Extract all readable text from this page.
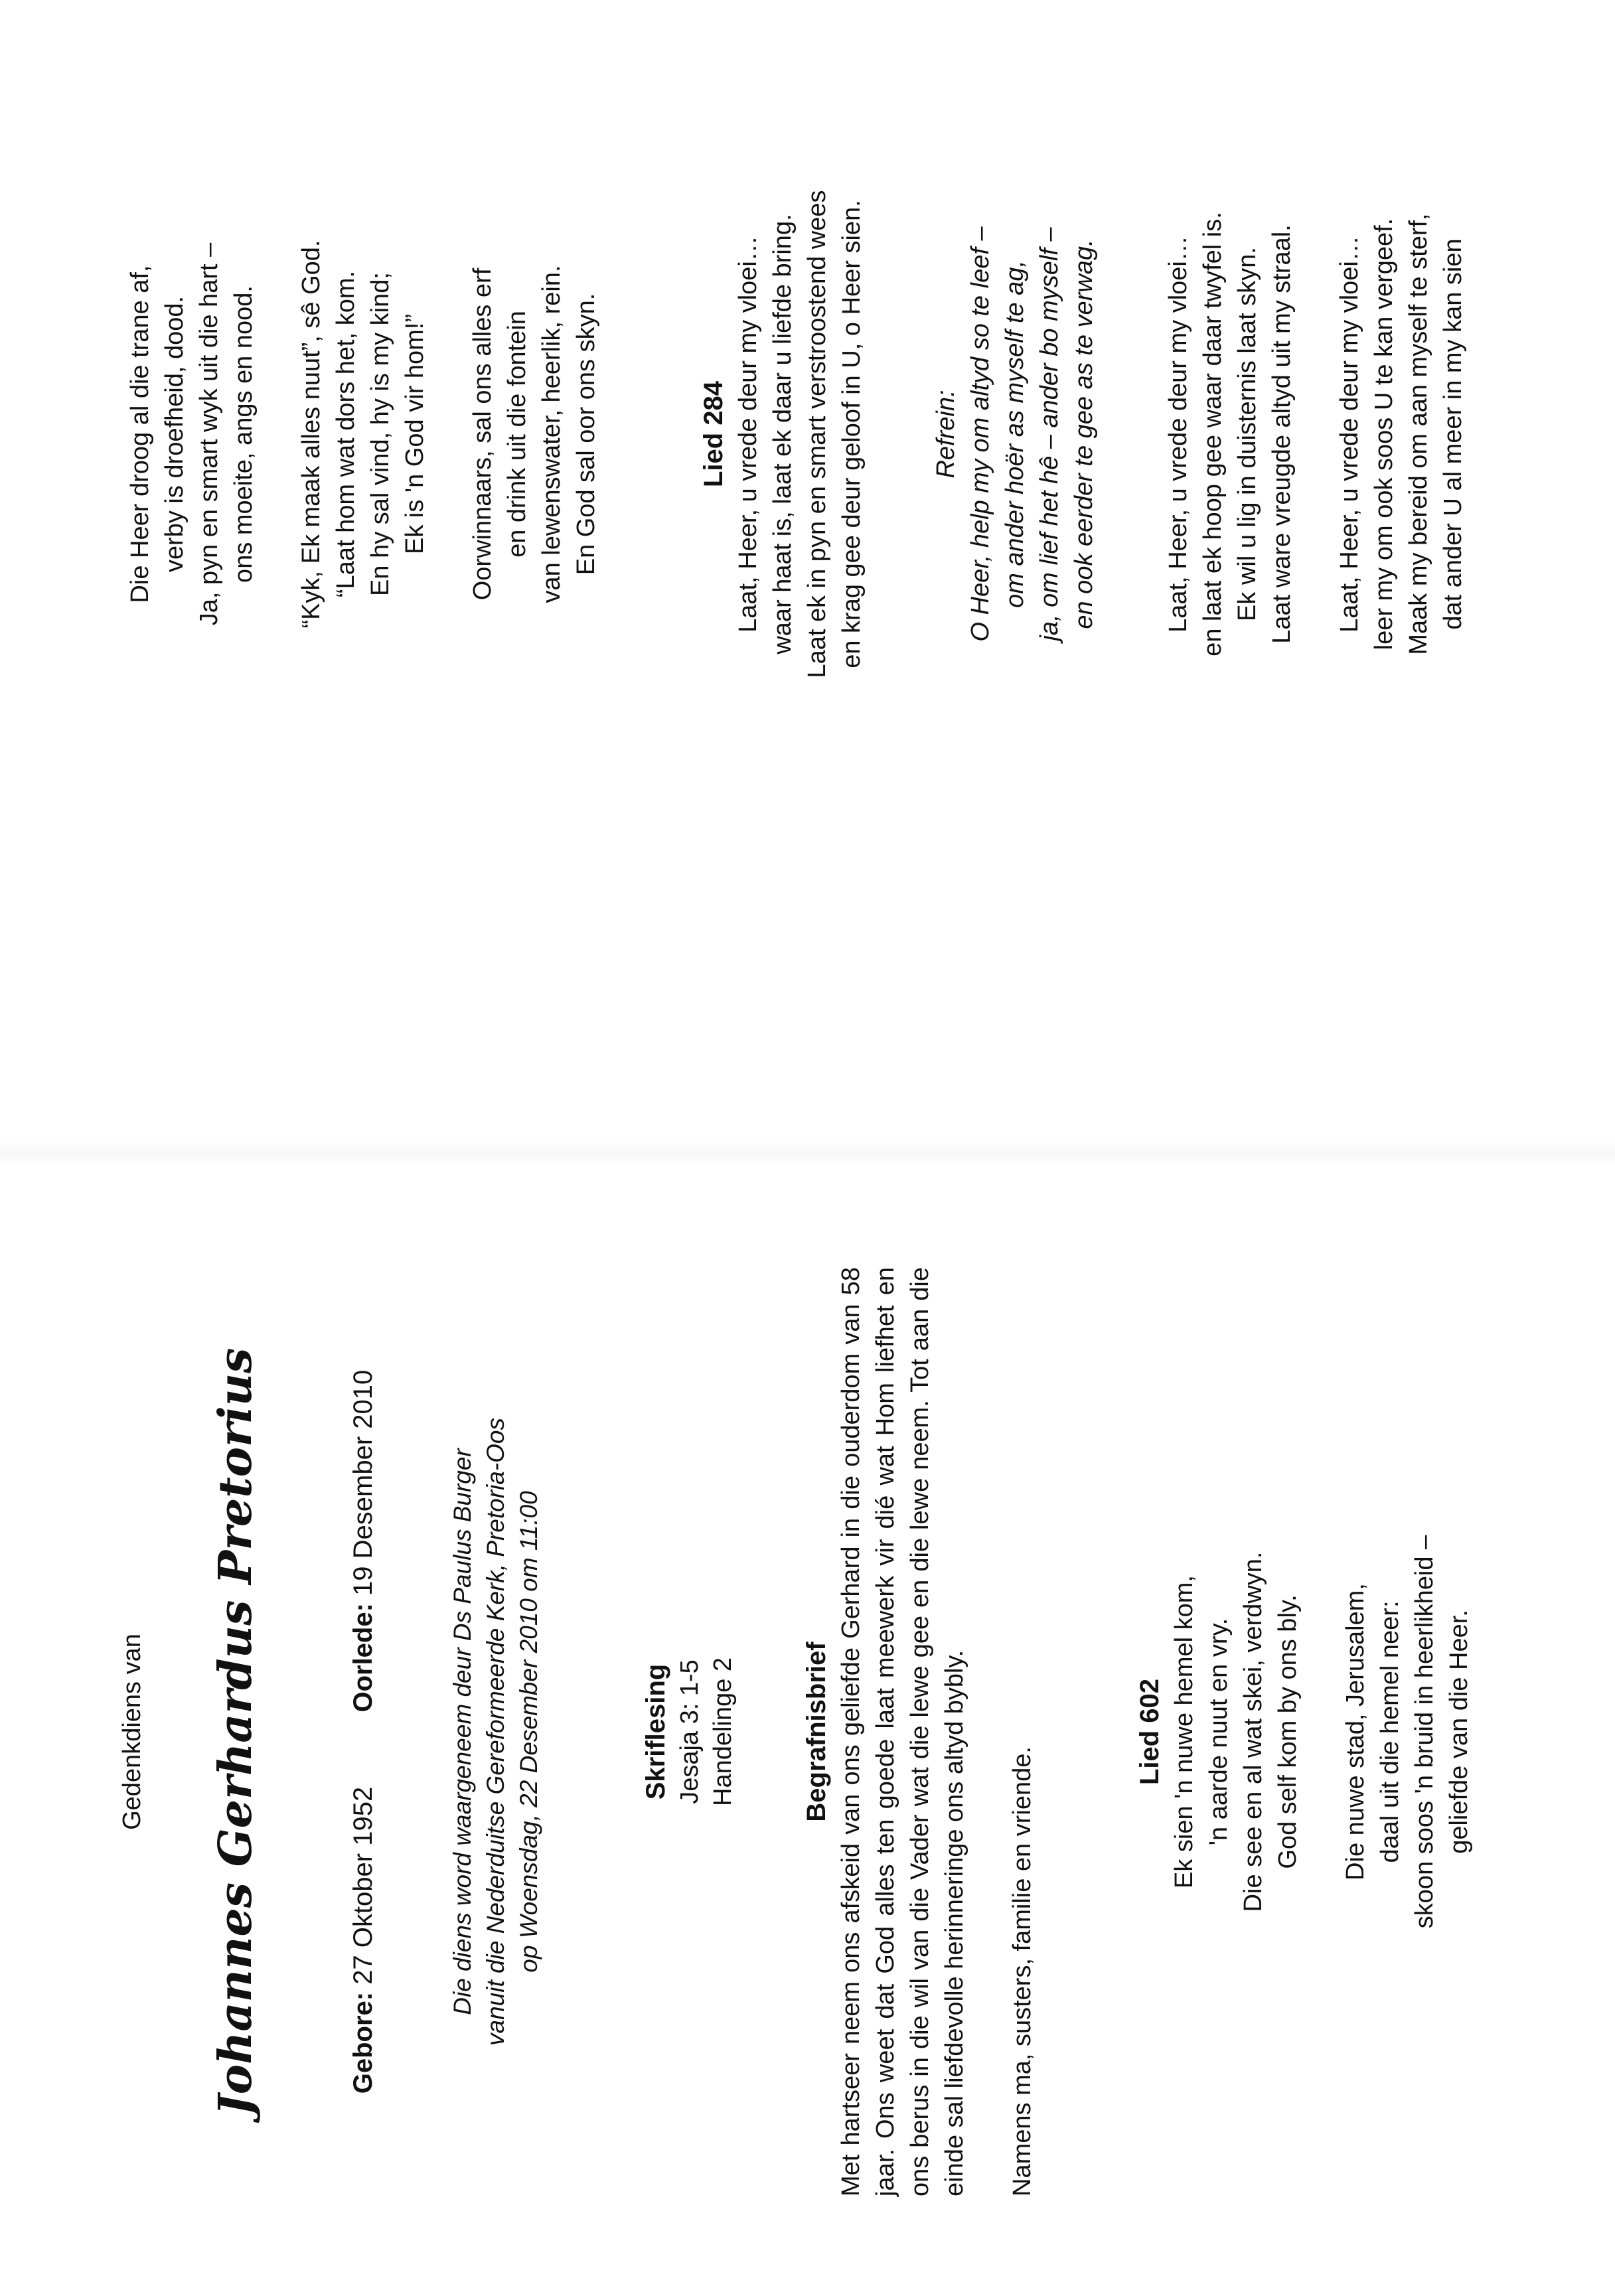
Gedenkdiens van Johannes Gerhardus Pretorius	Gebore: 27 Oktober 1952  Oorlede: 19 Desember 2010	Die diens word waargeneem deur Ds Paulus Burger vanuit die Nederduitse Gereformeerde Kerk, Pretoria-Oos op Woensdag, 22 Desember 2010 om 11:00	Skriflesing Jesaja 3: 1-5 Handelinge 2 Begrafnisbrief Met hartseer neem ons afskeid van ons geliefde Gerhard in die ouderdom van 58 jaar. Ons weet dat God alles ten goede laat meewerk vir dié wat Hom liefhet en ons berus in die wil van die Vader wat die lewe gee en die lewe neem. Tot aan die einde sal liefdevolle herinneringe ons altyd bybly. Namens ma, susters, familie en vriende.
Lied 602 Ek sien 'n nuwe hemel kom, 'n aarde nuut en vry. Die see en al wat skei, verdwyn. God self kom by ons bly. Die nuwe stad, Jerusalem, daal uit die hemel neer: skoon soos 'n bruid in heerlikheid – geliefde van die Heer.
Die Heer droog al die trane af, verby is droefheid, dood. Ja, pyn en smart wyk uit die hart – ons moeite, angs en nood. “Kyk, Ek maak alles nuut”, sê God. “Laat hom wat dors het, kom. En hy sal vind, hy is my kind; Ek is 'n God vir hom!” Oorwinnaars, sal ons alles erf en drink uit die fontein van lewenswater, heerlik, rein. En God sal oor ons skyn.	Lied 284 Laat, Heer, u vrede deur my vloei… waar haat is, laat ek daar u liefde bring. Laat ek in pyn en smart verstroostend wees en krag gee deur geloof in U, o Heer sien.	Refrein: O Heer, help my om altyd so te leef – om ander hoër as myself te ag, ja, om lief het hê – ander bo myself – en ook eerder te gee as te verwag.	Laat, Heer, u vrede deur my vloei… en laat ek hoop gee waar daar twyfel is. Ek wil u lig in duisternis laat skyn. Laat ware vreugde altyd uit my straal. Laat, Heer, u vrede deur my vloei… leer my om ook soos U te kan vergeef. Maak my bereid om aan myself te sterf, dat ander U al meer in my kan sien
